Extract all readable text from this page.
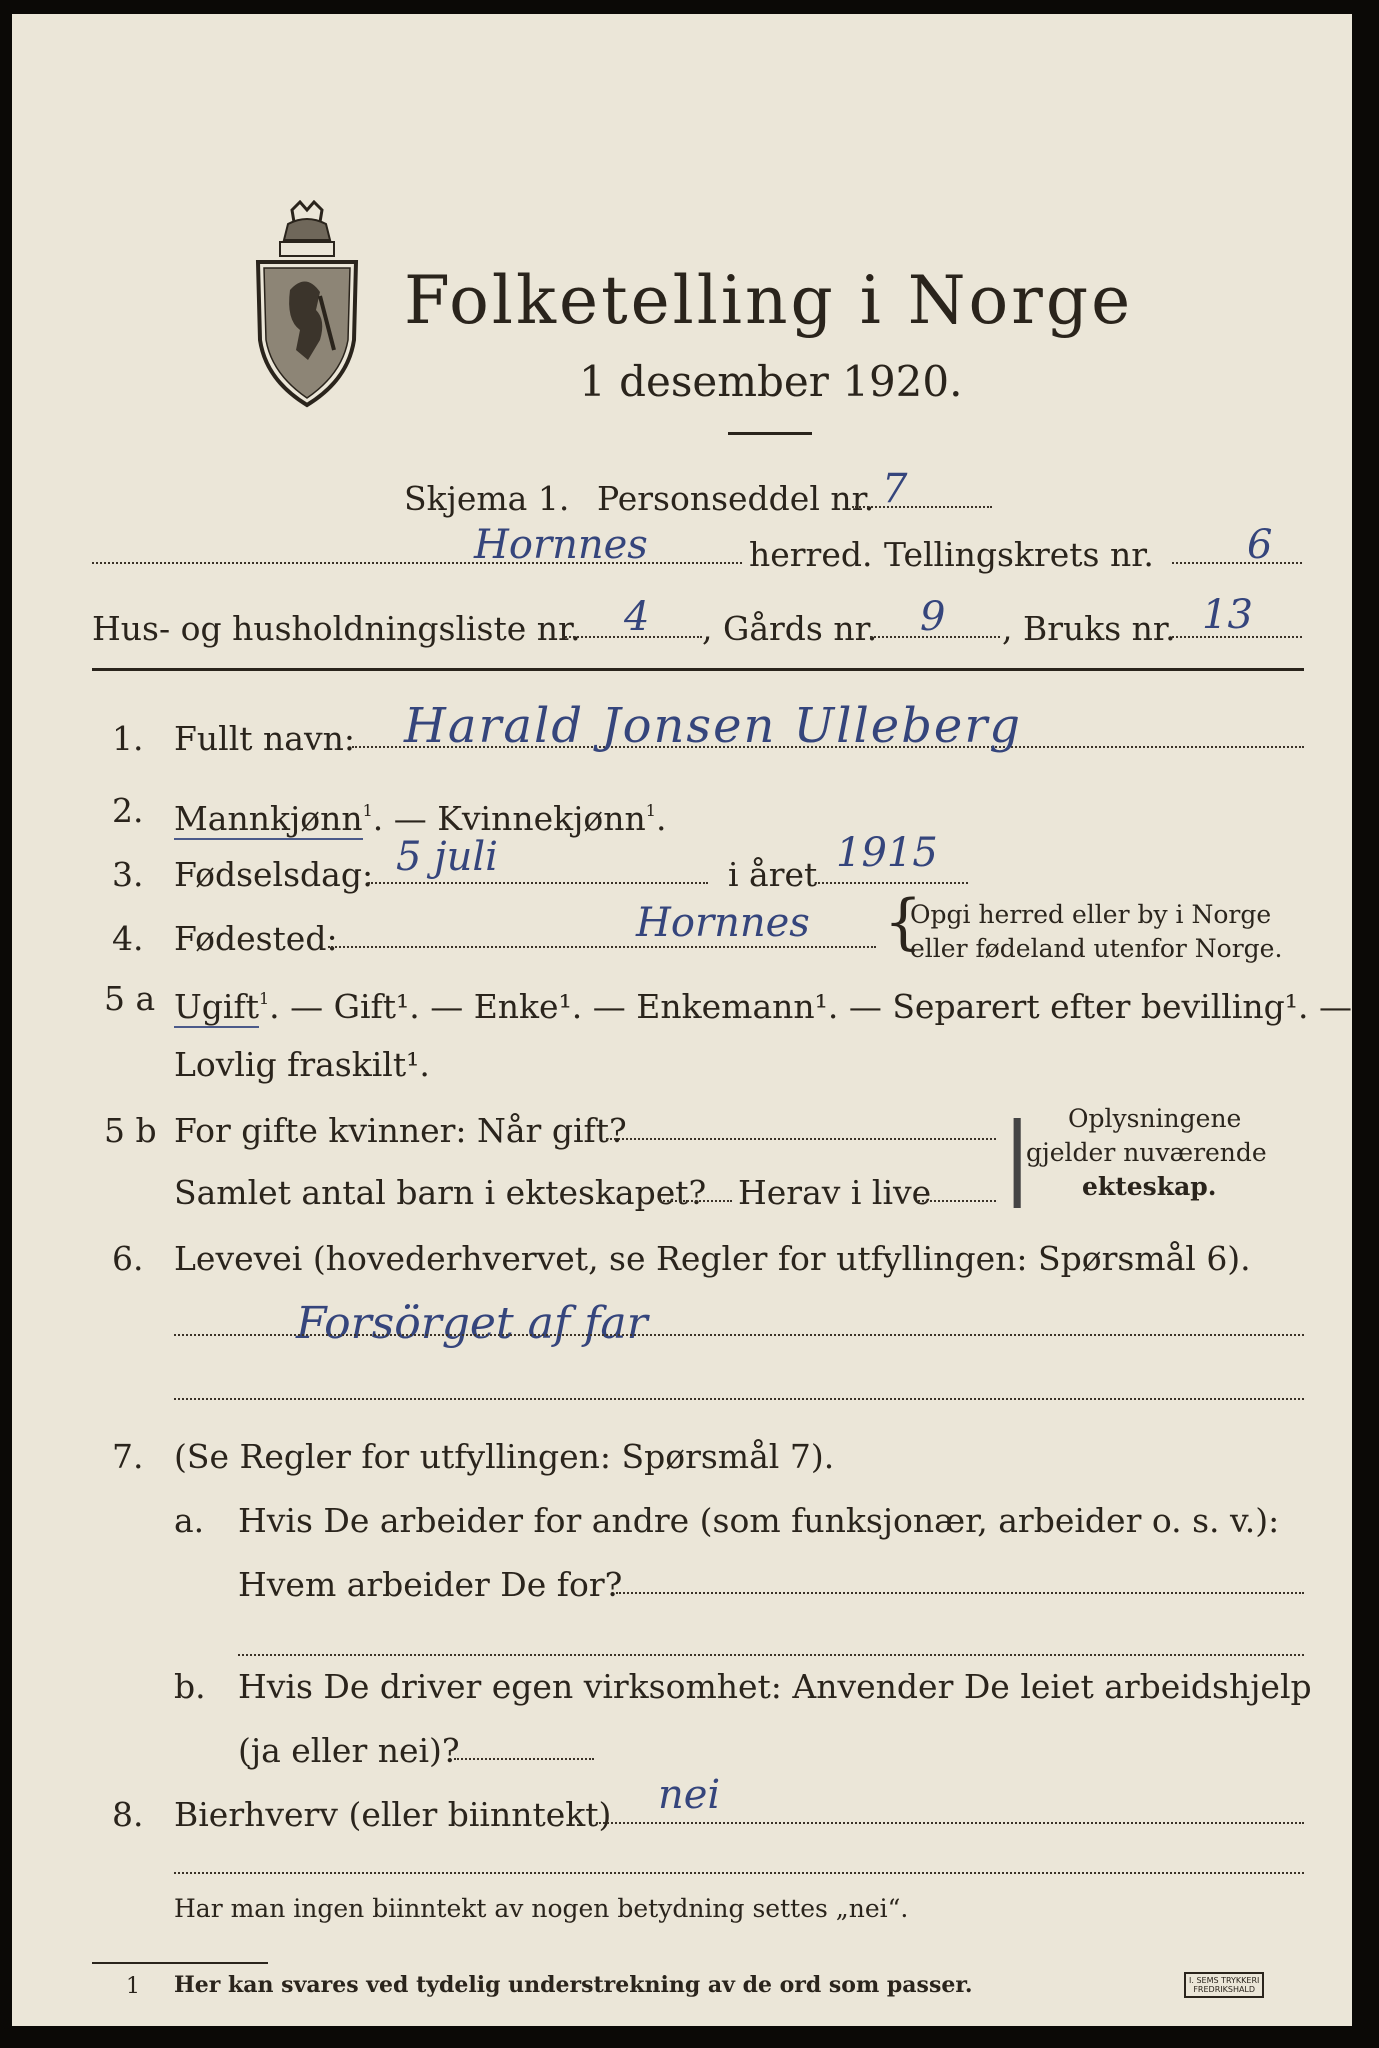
Folketelling i Norge
1 desember 1920.
Skjema 1. Personseddel nr. 7
Hornnes	herred. Tellingskrets nr. 6
Hus- og husholdningsliste nr. 4 , Gårds nr. 9 , Bruks nr. 13
1. Fullt navn: Harald Jonsen Ulleberg
2. Mannkjønn$^1$. — Kvinnekjønn$^1$.
3. Fødselsdag: 5 juli	i året 1915
4. Fødested:	Hornnes {
Opgi herred eller by i Norge
eller fødeland utenfor Norge.
5 a Ugift$^1$. — Gift¹. — Enke¹. — Enkemann¹. — Separert efter bevilling¹. —
Lovlig fraskilt¹.
5 b For gifte kvinner: Når gift?
Samlet antal barn i ekteskapet? Herav i live | Oplysningene
gjelder nuværende
ekteskap.
6. Levevei (hovederhvervet, se Regler for utfyllingen: Spørsmål 6).
Forsörget af far
7. (Se Regler for utfyllingen: Spørsmål 7).
a. Hvis De arbeider for andre (som funksjonær, arbeider o. s. v.):
Hvem arbeider De for?
b. Hvis De driver egen virksomhet: Anvender De leiet arbeidshjelp
(ja eller nei)?
8. Bierhverv (eller biinntekt) nei
Har man ingen biinntekt av nogen betydning settes „nei“.
1 Her kan svares ved tydelig understrekning av de ord som passer.	I. SEMS TRYKKERI
FREDRIKSHALD
